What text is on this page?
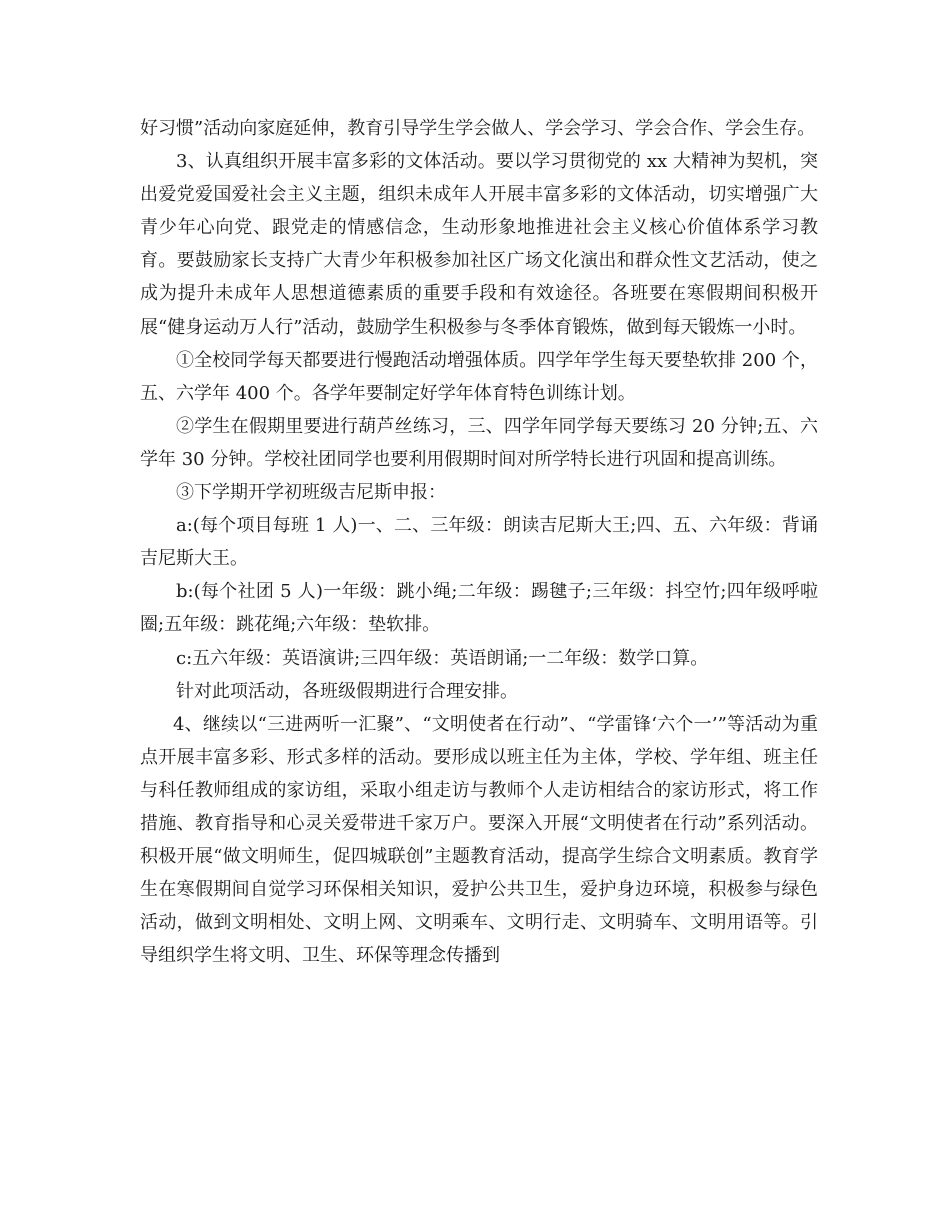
好习惯”活动向家庭延伸，教育引导学生学会做人、学会学习、学会合作、学会生存。

3、认真组织开展丰富多彩的文体活动。要以学习贯彻党的 xx 大精神为契机，突出爱党爱国爱社会主义主题，组织未成年人开展丰富多彩的文体活动，切实增强广大青少年心向党、跟党走的情感信念，生动形象地推进社会主义核心价值体系学习教育。要鼓励家长支持广大青少年积极参加社区广场文化演出和群众性文艺活动，使之成为提升未成年人思想道德素质的重要手段和有效途径。各班要在寒假期间积极开展“健身运动万人行”活动，鼓励学生积极参与冬季体育锻炼，做到每天锻炼一小时。

①全校同学每天都要进行慢跑活动增强体质。四学年学生每天要垫软排 200 个，五、六学年 400 个。各学年要制定好学年体育特色训练计划。

②学生在假期里要进行葫芦丝练习，三、四学年同学每天要练习 20 分钟;五、六学年 30 分钟。学校社团同学也要利用假期时间对所学特长进行巩固和提高训练。

③下学期开学初班级吉尼斯申报：

a:(每个项目每班 1 人)一、二、三年级：朗读吉尼斯大王;四、五、六年级：背诵吉尼斯大王。

b:(每个社团 5 人)一年级：跳小绳;二年级：踢毽子;三年级：抖空竹;四年级呼啦圈;五年级：跳花绳;六年级：垫软排。

c:五六年级：英语演讲;三四年级：英语朗诵;一二年级：数学口算。

针对此项活动，各班级假期进行合理安排。

4、继续以“三进两听一汇聚”、“文明使者在行动”、“学雷锋‘六个一’”等活动为重点开展丰富多彩、形式多样的活动。要形成以班主任为主体，学校、学年组、班主任与科任教师组成的家访组，采取小组走访与教师个人走访相结合的家访形式，将工作措施、教育指导和心灵关爱带进千家万户。要深入开展“文明使者在行动”系列活动。积极开展“做文明师生，促四城联创”主题教育活动，提高学生综合文明素质。教育学生在寒假期间自觉学习环保相关知识，爱护公共卫生，爱护身边环境，积极参与绿色活动，做到文明相处、文明上网、文明乘车、文明行走、文明骑车、文明用语等。引导组织学生将文明、卫生、环保等理念传播到
